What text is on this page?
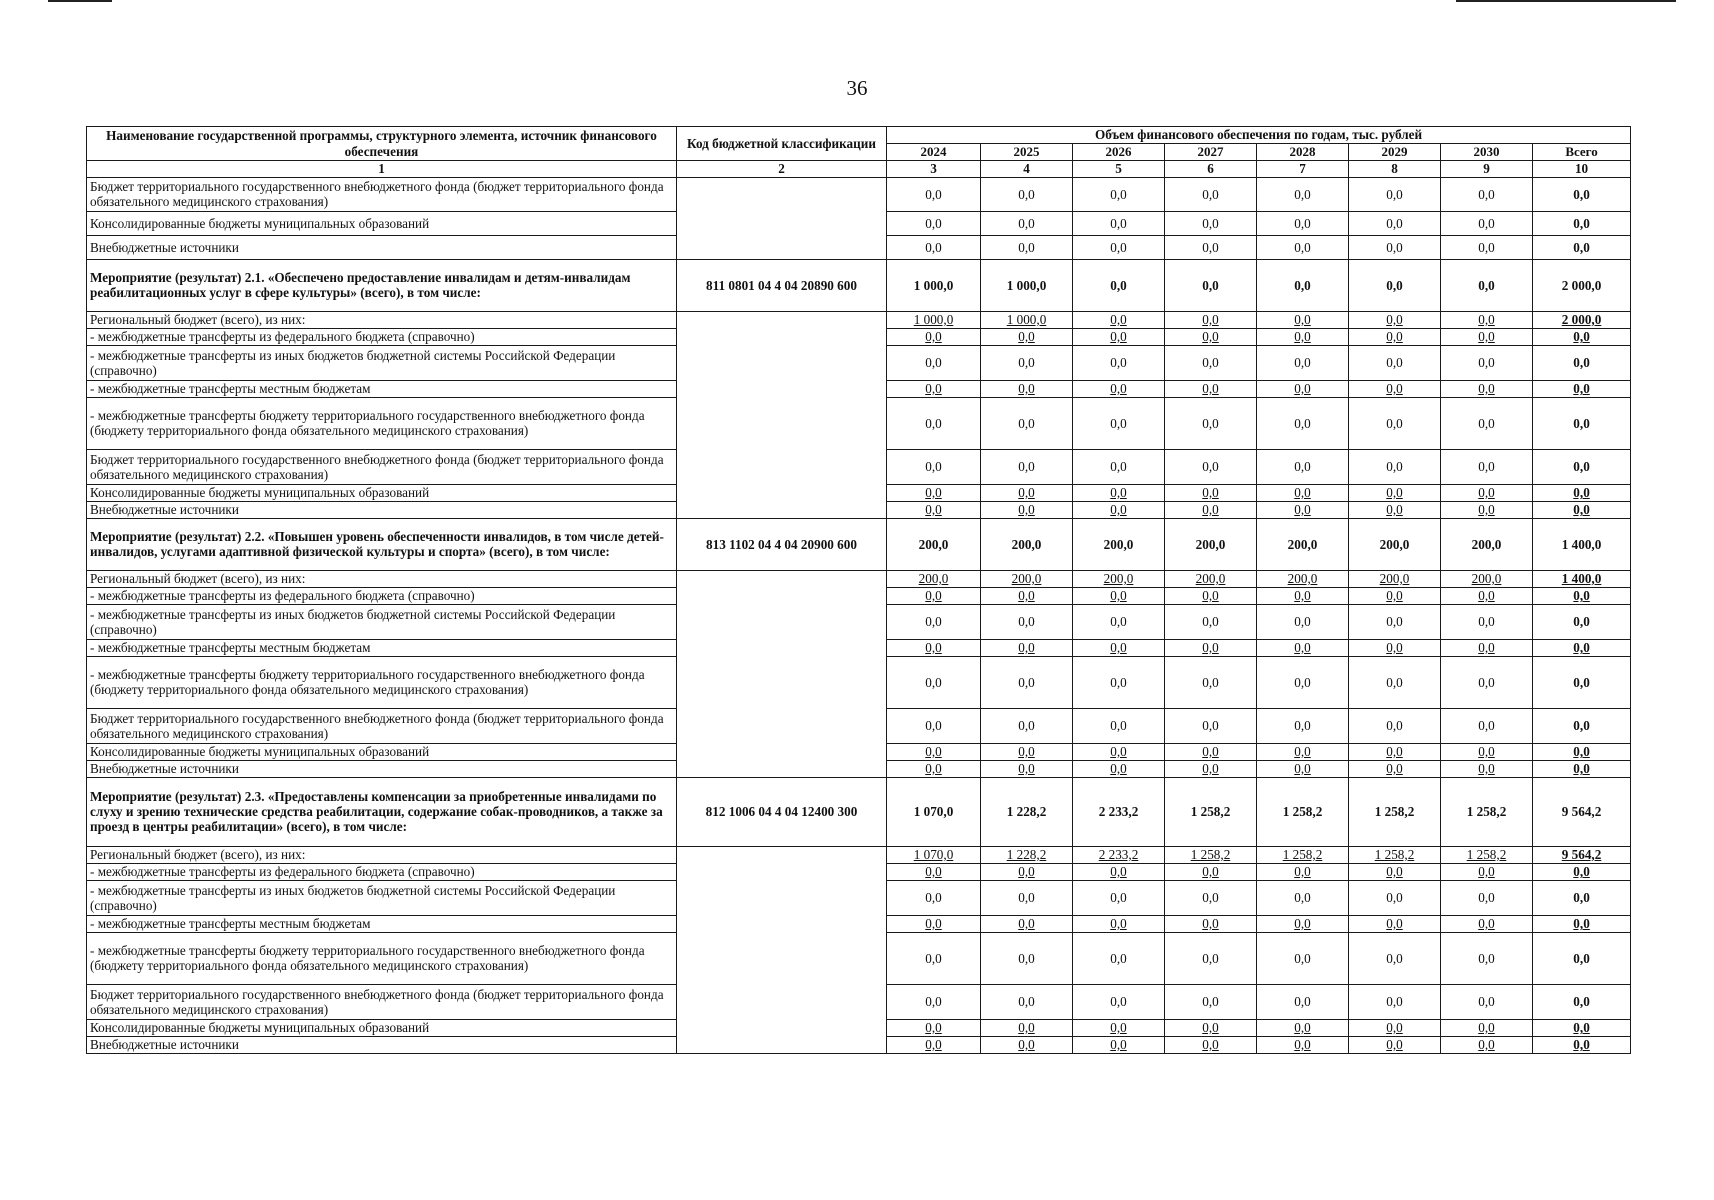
36
Наименование государственной программы, структурного элемента, источник финансового обеспечения	Код бюджетной классификации	Объем финансового обеспечения по годам, тыс. рублей							
		2024	2025	2026	2027	2028	2029	2030	Всего
1	2	3	4	5	6	7	8	9	10
Бюджет территориального государственного внебюджетного фонда (бюджет территориального фонда обязательного медицинского страхования)		0,0	0,0	0,0	0,0	0,0	0,0	0,0	0,0
Консолидированные бюджеты муниципальных образований		0,0	0,0	0,0	0,0	0,0	0,0	0,0	0,0
Внебюджетные источники		0,0	0,0	0,0	0,0	0,0	0,0	0,0	0,0
Мероприятие (результат) 2.1. «Обеспечено предоставление инвалидам и детям-инвалидам реабилитационных услуг в сфере культуры» (всего), в том числе:	811 0801 04 4 04 20890 600	1 000,0	1 000,0	0,0	0,0	0,0	0,0	0,0	2 000,0
Региональный бюджет (всего), из них:		1 000,0	1 000,0	0,0	0,0	0,0	0,0	0,0	2 000,0
- межбюджетные трансферты из федерального бюджета (справочно)		0,0	0,0	0,0	0,0	0,0	0,0	0,0	0,0
- межбюджетные трансферты из иных бюджетов бюджетной системы Российской Федерации (справочно)		0,0	0,0	0,0	0,0	0,0	0,0	0,0	0,0
- межбюджетные трансферты местным бюджетам		0,0	0,0	0,0	0,0	0,0	0,0	0,0	0,0
- межбюджетные трансферты бюджету территориального государственного внебюджетного фонда (бюджету территориального фонда обязательного медицинского страхования)		0,0	0,0	0,0	0,0	0,0	0,0	0,0	0,0
Бюджет территориального государственного внебюджетного фонда (бюджет территориального фонда обязательного медицинского страхования)		0,0	0,0	0,0	0,0	0,0	0,0	0,0	0,0
Консолидированные бюджеты муниципальных образований		0,0	0,0	0,0	0,0	0,0	0,0	0,0	0,0
Внебюджетные источники		0,0	0,0	0,0	0,0	0,0	0,0	0,0	0,0
Мероприятие (результат) 2.2. «Повышен уровень обеспеченности инвалидов, в том числе детей-инвалидов, услугами адаптивной физической культуры и спорта» (всего), в том числе:	813 1102 04 4 04 20900 600	200,0	200,0	200,0	200,0	200,0	200,0	200,0	1 400,0
Региональный бюджет (всего), из них:		200,0	200,0	200,0	200,0	200,0	200,0	200,0	1 400,0
- межбюджетные трансферты из федерального бюджета (справочно)		0,0	0,0	0,0	0,0	0,0	0,0	0,0	0,0
- межбюджетные трансферты из иных бюджетов бюджетной системы Российской Федерации (справочно)		0,0	0,0	0,0	0,0	0,0	0,0	0,0	0,0
- межбюджетные трансферты местным бюджетам		0,0	0,0	0,0	0,0	0,0	0,0	0,0	0,0
- межбюджетные трансферты бюджету территориального государственного внебюджетного фонда (бюджету территориального фонда обязательного медицинского страхования)		0,0	0,0	0,0	0,0	0,0	0,0	0,0	0,0
Бюджет территориального государственного внебюджетного фонда (бюджет территориального фонда обязательного медицинского страхования)		0,0	0,0	0,0	0,0	0,0	0,0	0,0	0,0
Консолидированные бюджеты муниципальных образований		0,0	0,0	0,0	0,0	0,0	0,0	0,0	0,0
Внебюджетные источники		0,0	0,0	0,0	0,0	0,0	0,0	0,0	0,0
Мероприятие (результат) 2.3. «Предоставлены компенсации за приобретенные инвалидами по слуху и зрению технические средства реабилитации, содержание собак-проводников, а также за проезд в центры реабилитации» (всего), в том числе:	812 1006 04 4 04 12400 300	1 070,0	1 228,2	2 233,2	1 258,2	1 258,2	1 258,2	1 258,2	9 564,2
Региональный бюджет (всего), из них:		1 070,0	1 228,2	2 233,2	1 258,2	1 258,2	1 258,2	1 258,2	9 564,2
- межбюджетные трансферты из федерального бюджета (справочно)		0,0	0,0	0,0	0,0	0,0	0,0	0,0	0,0
- межбюджетные трансферты из иных бюджетов бюджетной системы Российской Федерации (справочно)		0,0	0,0	0,0	0,0	0,0	0,0	0,0	0,0
- межбюджетные трансферты местным бюджетам		0,0	0,0	0,0	0,0	0,0	0,0	0,0	0,0
- межбюджетные трансферты бюджету территориального государственного внебюджетного фонда (бюджету территориального фонда обязательного медицинского страхования)		0,0	0,0	0,0	0,0	0,0	0,0	0,0	0,0
Бюджет территориального государственного внебюджетного фонда (бюджет территориального фонда обязательного медицинского страхования)		0,0	0,0	0,0	0,0	0,0	0,0	0,0	0,0
Консолидированные бюджеты муниципальных образований		0,0	0,0	0,0	0,0	0,0	0,0	0,0	0,0
Внебюджетные источники		0,0	0,0	0,0	0,0	0,0	0,0	0,0	0,0
